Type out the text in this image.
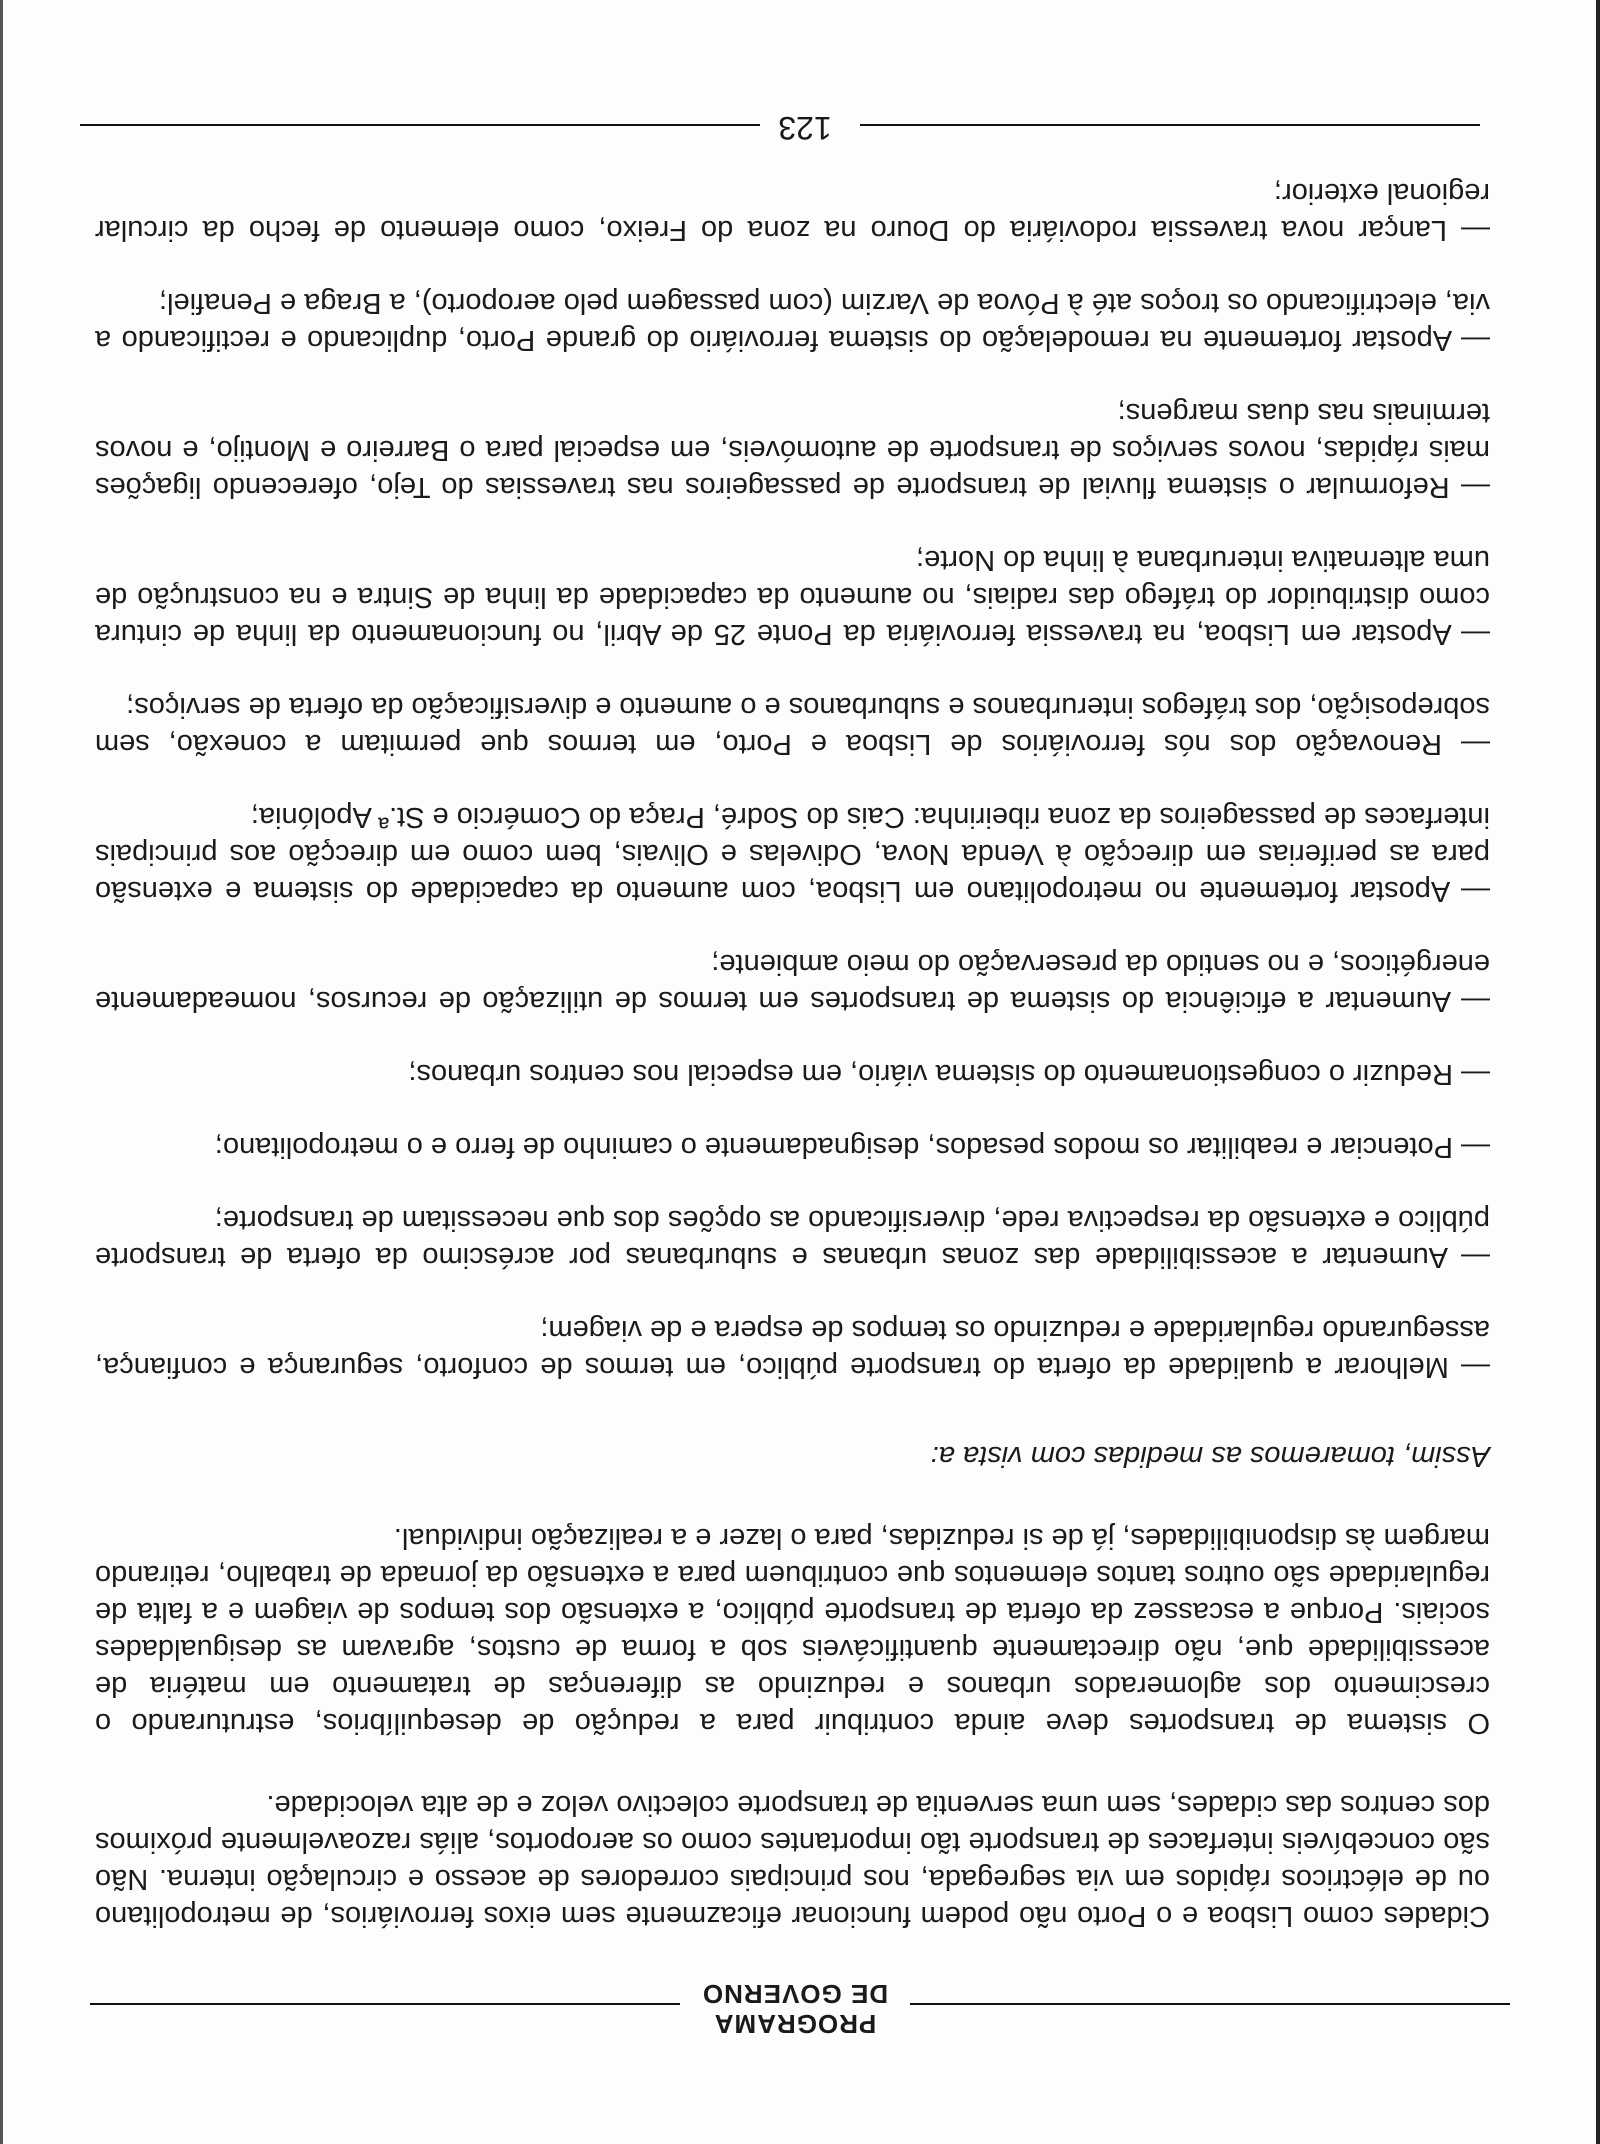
PROGRAMA
DE GOVERNO

Cidades como Lisboa e o Porto não podem funcionar eficazmente sem eixos ferroviários, de metropolitano ou de eléctricos rápidos em via segregada, nos principais corredores de acesso e circulação interna. Não são concebíveis interfaces de transporte tão importantes como os aeroportos, aliás razoavelmente próximos dos centros das cidades, sem uma serventia de transporte colectivo veloz e de alta velocidade.

O sistema de transportes deve ainda contribuir para a redução de desequilíbrios, estruturando o crescimento dos aglomerados urbanos e reduzindo as diferenças de tratamento em matéria de acessibilidade que, não directamente quantificáveis sob a forma de custos, agravam as desigualdades sociais. Porque a escassez da oferta de transporte público, a extensão dos tempos de viagem e a falta de regularidade são outros tantos elementos que contribuem para a extensão da jornada de trabalho, retirando margem às disponibilidades, já de si reduzidas, para o lazer e a realização individual.

Assim, tomaremos as medidas com vista a:

— Melhorar a qualidade da oferta do transporte público, em termos de conforto, segurança e confiança, assegurando regularidade e reduzindo os tempos de espera e de viagem;
— Aumentar a acessibilidade das zonas urbanas e suburbanas por acréscimo da oferta de transporte público e extensão da respectiva rede, diversificando as opções dos que necessitam de transporte;
— Potenciar e reabilitar os modos pesados, designadamente o caminho de ferro e o metropolitano;
— Reduzir o congestionamento do sistema viário, em especial nos centros urbanos;
— Aumentar a eficiência do sistema de transportes em termos de utilização de recursos, nomeadamente energéticos, e no sentido da preservação do meio ambiente;
— Apostar fortemente no metropolitano em Lisboa, com aumento da capacidade do sistema e extensão para as periferias em direcção à Venda Nova, Odivelas e Olivais, bem como em direcção aos principais interfaces de passageiros da zona ribeirinha: Cais do Sodré, Praça do Comércio e St.ª Apolónia;
— Renovação dos nós ferroviários de Lisboa e Porto, em termos que permitam a conexão, sem sobreposição, dos tráfegos interurbanos e suburbanos e o aumento e diversificação da oferta de serviços;
— Apostar em Lisboa, na travessia ferroviária da Ponte 25 de Abril, no funcionamento da linha de cintura como distribuidor do tráfego das radiais, no aumento da capacidade da linha de Sintra e na construção de uma alternativa interurbana à linha do Norte;
— Reformular o sistema fluvial de transporte de passageiros nas travessias do Tejo, oferecendo ligações mais rápidas, novos serviços de transporte de automóveis, em especial para o Barreiro e Montijo, e novos terminais nas duas margens;
— Apostar fortemente na remodelação do sistema ferroviário do grande Porto, duplicando e rectificando a via, electrificando os troços até à Póvoa de Varzim (com passagem pelo aeroporto), a Braga e Penafiel;
— Lançar nova travessia rodoviária do Douro na zona do Freixo, como elemento de fecho da circular regional exterior;
123
